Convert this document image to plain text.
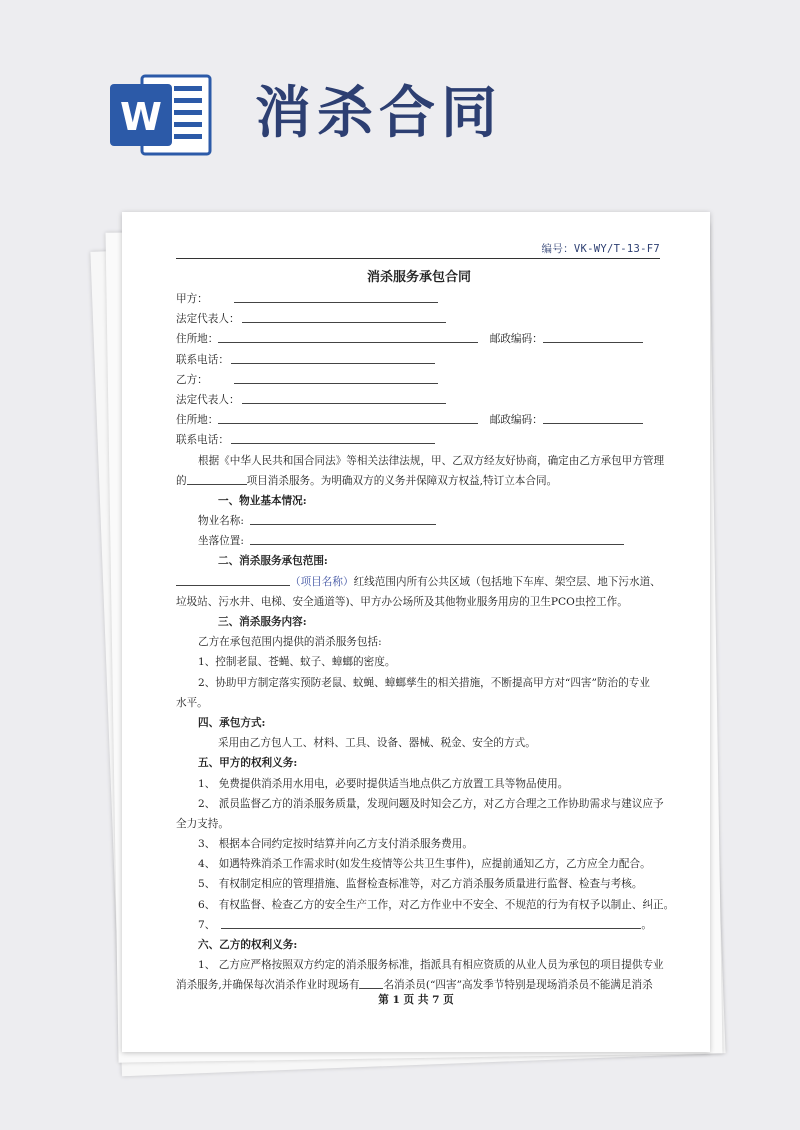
W 消杀合同
编号：VK-WY/T-13-F7
消杀服务承包合同
甲方：
法定代表人：
住所地：	邮政编码：
联系电话：
乙方：
法定代表人：
住所地：	邮政编码：
联系电话：
根据《中华人民共和国合同法》等相关法律法规，甲、乙双方经友好协商，确定由乙方承包甲方管理
的	项目消杀服务。为明确双方的义务并保障双方权益,特订立本合同。
一、物业基本情况:
物业名称:
坐落位置:
二、消杀服务承包范围:
（项目名称）红线范围内所有公共区域（包括地下车库、架空层、地下污水道、
垃圾站、污水井、电梯、安全通道等)、甲方办公场所及其他物业服务用房的卫生PCO虫控工作。
三、消杀服务内容:
乙方在承包范围内提供的消杀服务包括:
1、控制老鼠、苍蝇、蚊子、蟑螂的密度。
2、协助甲方制定落实预防老鼠、蚊蝇、蟑螂孳生的相关措施，不断提高甲方对“四害”防治的专业
水平。
四、承包方式:
采用由乙方包人工、材料、工具、设备、器械、税金、安全的方式。
五、甲方的权利义务:
1、 免费提供消杀用水用电，必要时提供适当地点供乙方放置工具等物品使用。
2、 派员监督乙方的消杀服务质量，发现问题及时知会乙方，对乙方合理之工作协助需求与建议应予
全力支持。
3、 根据本合同约定按时结算并向乙方支付消杀服务费用。
4、 如遇特殊消杀工作需求时(如发生疫情等公共卫生事件)，应提前通知乙方，乙方应全力配合。
5、 有权制定相应的管理措施、监督检查标准等，对乙方消杀服务质量进行监督、检查与考核。
6、 有权监督、检查乙方的安全生产工作，对乙方作业中不安全、不规范的行为有权予以制止、纠正。
7、	。
六、乙方的权利义务:
1、 乙方应严格按照双方约定的消杀服务标准，指派具有相应资质的从业人员为承包的项目提供专业
消杀服务,并确保每次消杀作业时现场有 名消杀员(“四害”高发季节特别是现场消杀员不能满足消杀
第 1 页 共 7 页
